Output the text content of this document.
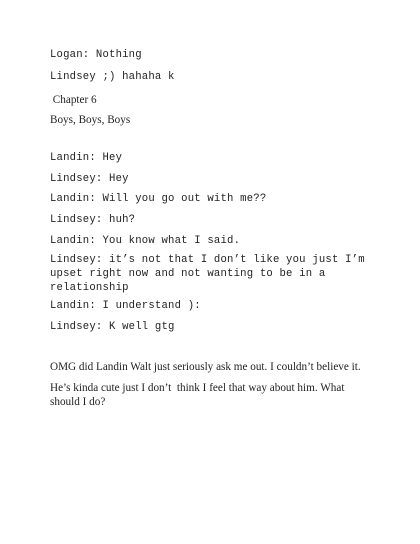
Logan: Nothing

Lindsey ;) hahaha k

Chapter 6

Boys, Boys, Boys

Landin: Hey

Lindsey: Hey

Landin: Will you go out with me??

Lindsey: huh?

Landin: You know what I said.

Lindsey: it’s not that I don’t like you just I’m upset right now and not wanting to be in a relationship

Landin: I understand ):

Lindsey: K well gtg

OMG did Landin Walt just seriously ask me out. I couldn’t believe it.

He’s kinda cute just I don’t  think I feel that way about him. What should I do?
